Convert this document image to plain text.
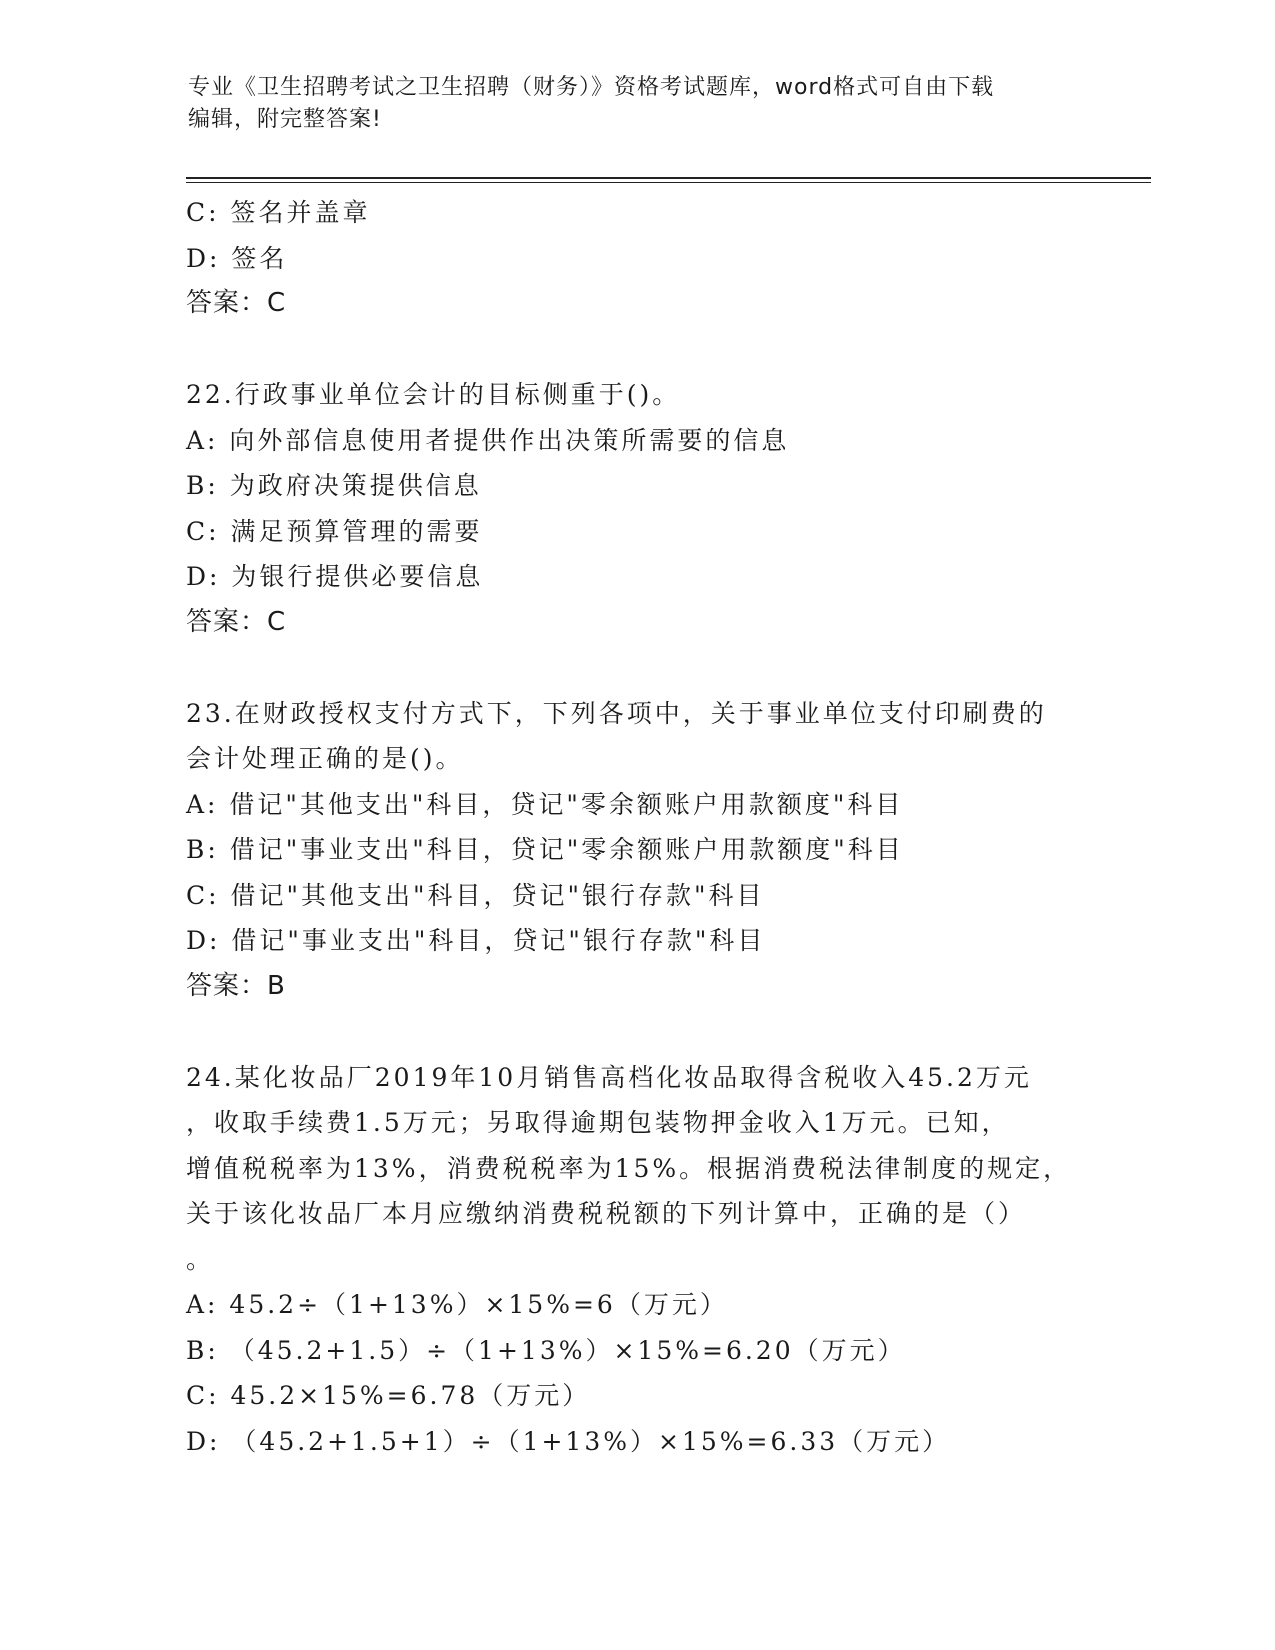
专业《卫生招聘考试之卫生招聘（财务）》资格考试题库，word格式可自由下载
编辑，附完整答案!
C: 签名并盖章
D: 签名
答案：C
22.行政事业单位会计的目标侧重于()。
A: 向外部信息使用者提供作出决策所需要的信息
B: 为政府决策提供信息
C: 满足预算管理的需要
D: 为银行提供必要信息
答案：C
23.在财政授权支付方式下，下列各项中，关于事业单位支付印刷费的
会计处理正确的是()。
A: 借记"其他支出"科目，贷记"零余额账户用款额度"科目
B: 借记"事业支出"科目，贷记"零余额账户用款额度"科目
C: 借记"其他支出"科目，贷记"银行存款"科目
D: 借记"事业支出"科目，贷记"银行存款"科目
答案：B
24.某化妆品厂2019年10月销售高档化妆品取得含税收入45.2万元
，收取手续费1.5万元；另取得逾期包装物押金收入1万元。已知，
增值税税率为13%，消费税税率为15%。根据消费税法律制度的规定，
关于该化妆品厂本月应缴纳消费税税额的下列计算中，正确的是（）
。
A: 45.2÷（1+13%）×15%=6（万元）
B: （45.2+1.5）÷（1+13%）×15%=6.20（万元）
C: 45.2×15%=6.78（万元）
D: （45.2+1.5+1）÷（1+13%）×15%=6.33（万元）
